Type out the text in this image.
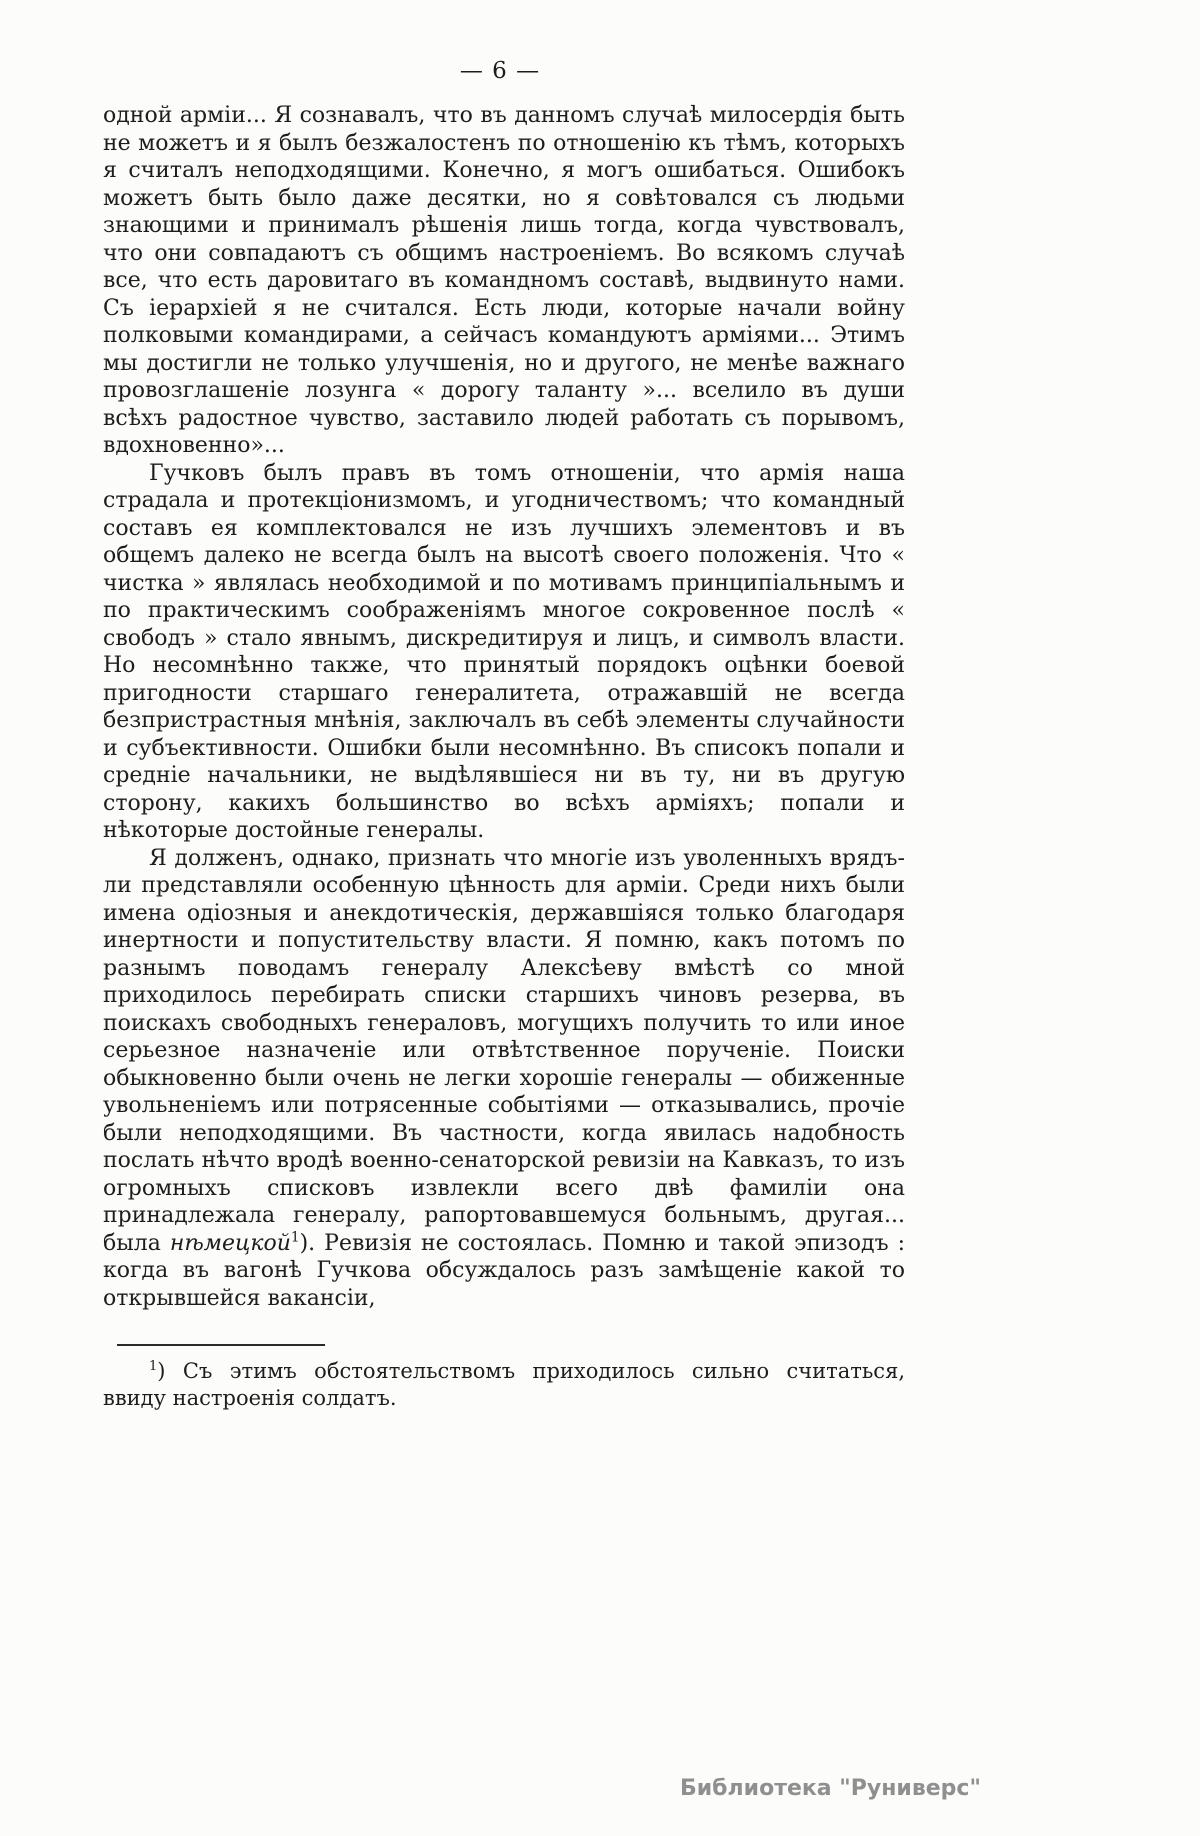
— 6 —

одной арміи... Я сознавалъ, что въ данномъ случаѣ милосердія быть не можетъ и я былъ безжалостенъ по отношенію къ тѣмъ, которыхъ я считалъ неподходящими. Конечно, я могъ ошибаться. Ошибокъ можетъ быть было даже десятки, но я совѣтовался съ людьми знающими и принималъ рѣшенія лишь тогда, когда чувствовалъ, что они совпадаютъ съ общимъ настроеніемъ. Во всякомъ случаѣ все, что есть даровитаго въ командномъ составѣ, выдвинуто нами. Съ іерархіей я не считался. Есть люди, которые начали войну полковыми командирами, а сейчасъ командуютъ арміями... Этимъ мы достигли не только улучшенія, но и другого, не менѣе важнаго провозглашеніе лозунга « дорогу таланту »... вселило въ души всѣхъ радостное чувство, заставило людей работать съ порывомъ, вдохновенно»...

Гучковъ былъ правъ въ томъ отношеніи, что армія наша страдала и протекціонизмомъ, и угодничествомъ; что командный составъ ея комплектовался не изъ лучшихъ элементовъ и въ общемъ далеко не всегда былъ на высотѣ своего положенія. Что « чистка » являлась необходимой и по мотивамъ принципіальнымъ и по практическимъ соображеніямъ многое сокровенное послѣ « свободъ » стало явнымъ, дискредитируя и лицъ, и символъ власти. Но несомнѣнно также, что принятый порядокъ оцѣнки боевой пригодности старшаго генералитета, отражавшій не всегда безпристрастныя мнѣнія, заключалъ въ себѣ элементы случайности и субъективности. Ошибки были несомнѣнно. Въ списокъ попали и средніе начальники, не выдѣлявшіеся ни въ ту, ни въ другую сторону, какихъ большинство во всѣхъ арміяхъ; попали и нѣкоторые достойные генералы.

Я долженъ, однако, признать что многіе изъ уволенныхъ врядъ-ли представляли особенную цѣнность для арміи. Среди нихъ были имена одіозныя и анекдотическія, державшіяся только благодаря инертности и попустительству власти. Я помню, какъ потомъ по разнымъ поводамъ генералу Алексѣеву вмѣстѣ со мной приходилось перебирать списки старшихъ чиновъ резерва, въ поискахъ свободныхъ генераловъ, могущихъ получить то или иное серьезное назначеніе или отвѣтственное порученіе. Поиски обыкновенно были очень не легки хорошіе генералы — обиженные увольненіемъ или потрясенные событіями — отказывались, прочіе были неподходящими. Въ частности, когда явилась надобность послать нѣчто вродѣ военно-сенаторской ревизіи на Кавказъ, то изъ огромныхъ списковъ извлекли всего двѣ фамиліи она принадлежала генералу, рапортовавшемуся больнымъ, другая... была нѣмецкой$^1$). Ревизія не состоялась. Помню и такой эпизодъ : когда въ вагонѣ Гучкова обсуждалось разъ замѣщеніе какой то открывшейся вакансіи,

$^1$) Съ этимъ обстоятельствомъ приходилось сильно считаться, ввиду настроенія солдатъ.

Библиотека "Руниверс"
